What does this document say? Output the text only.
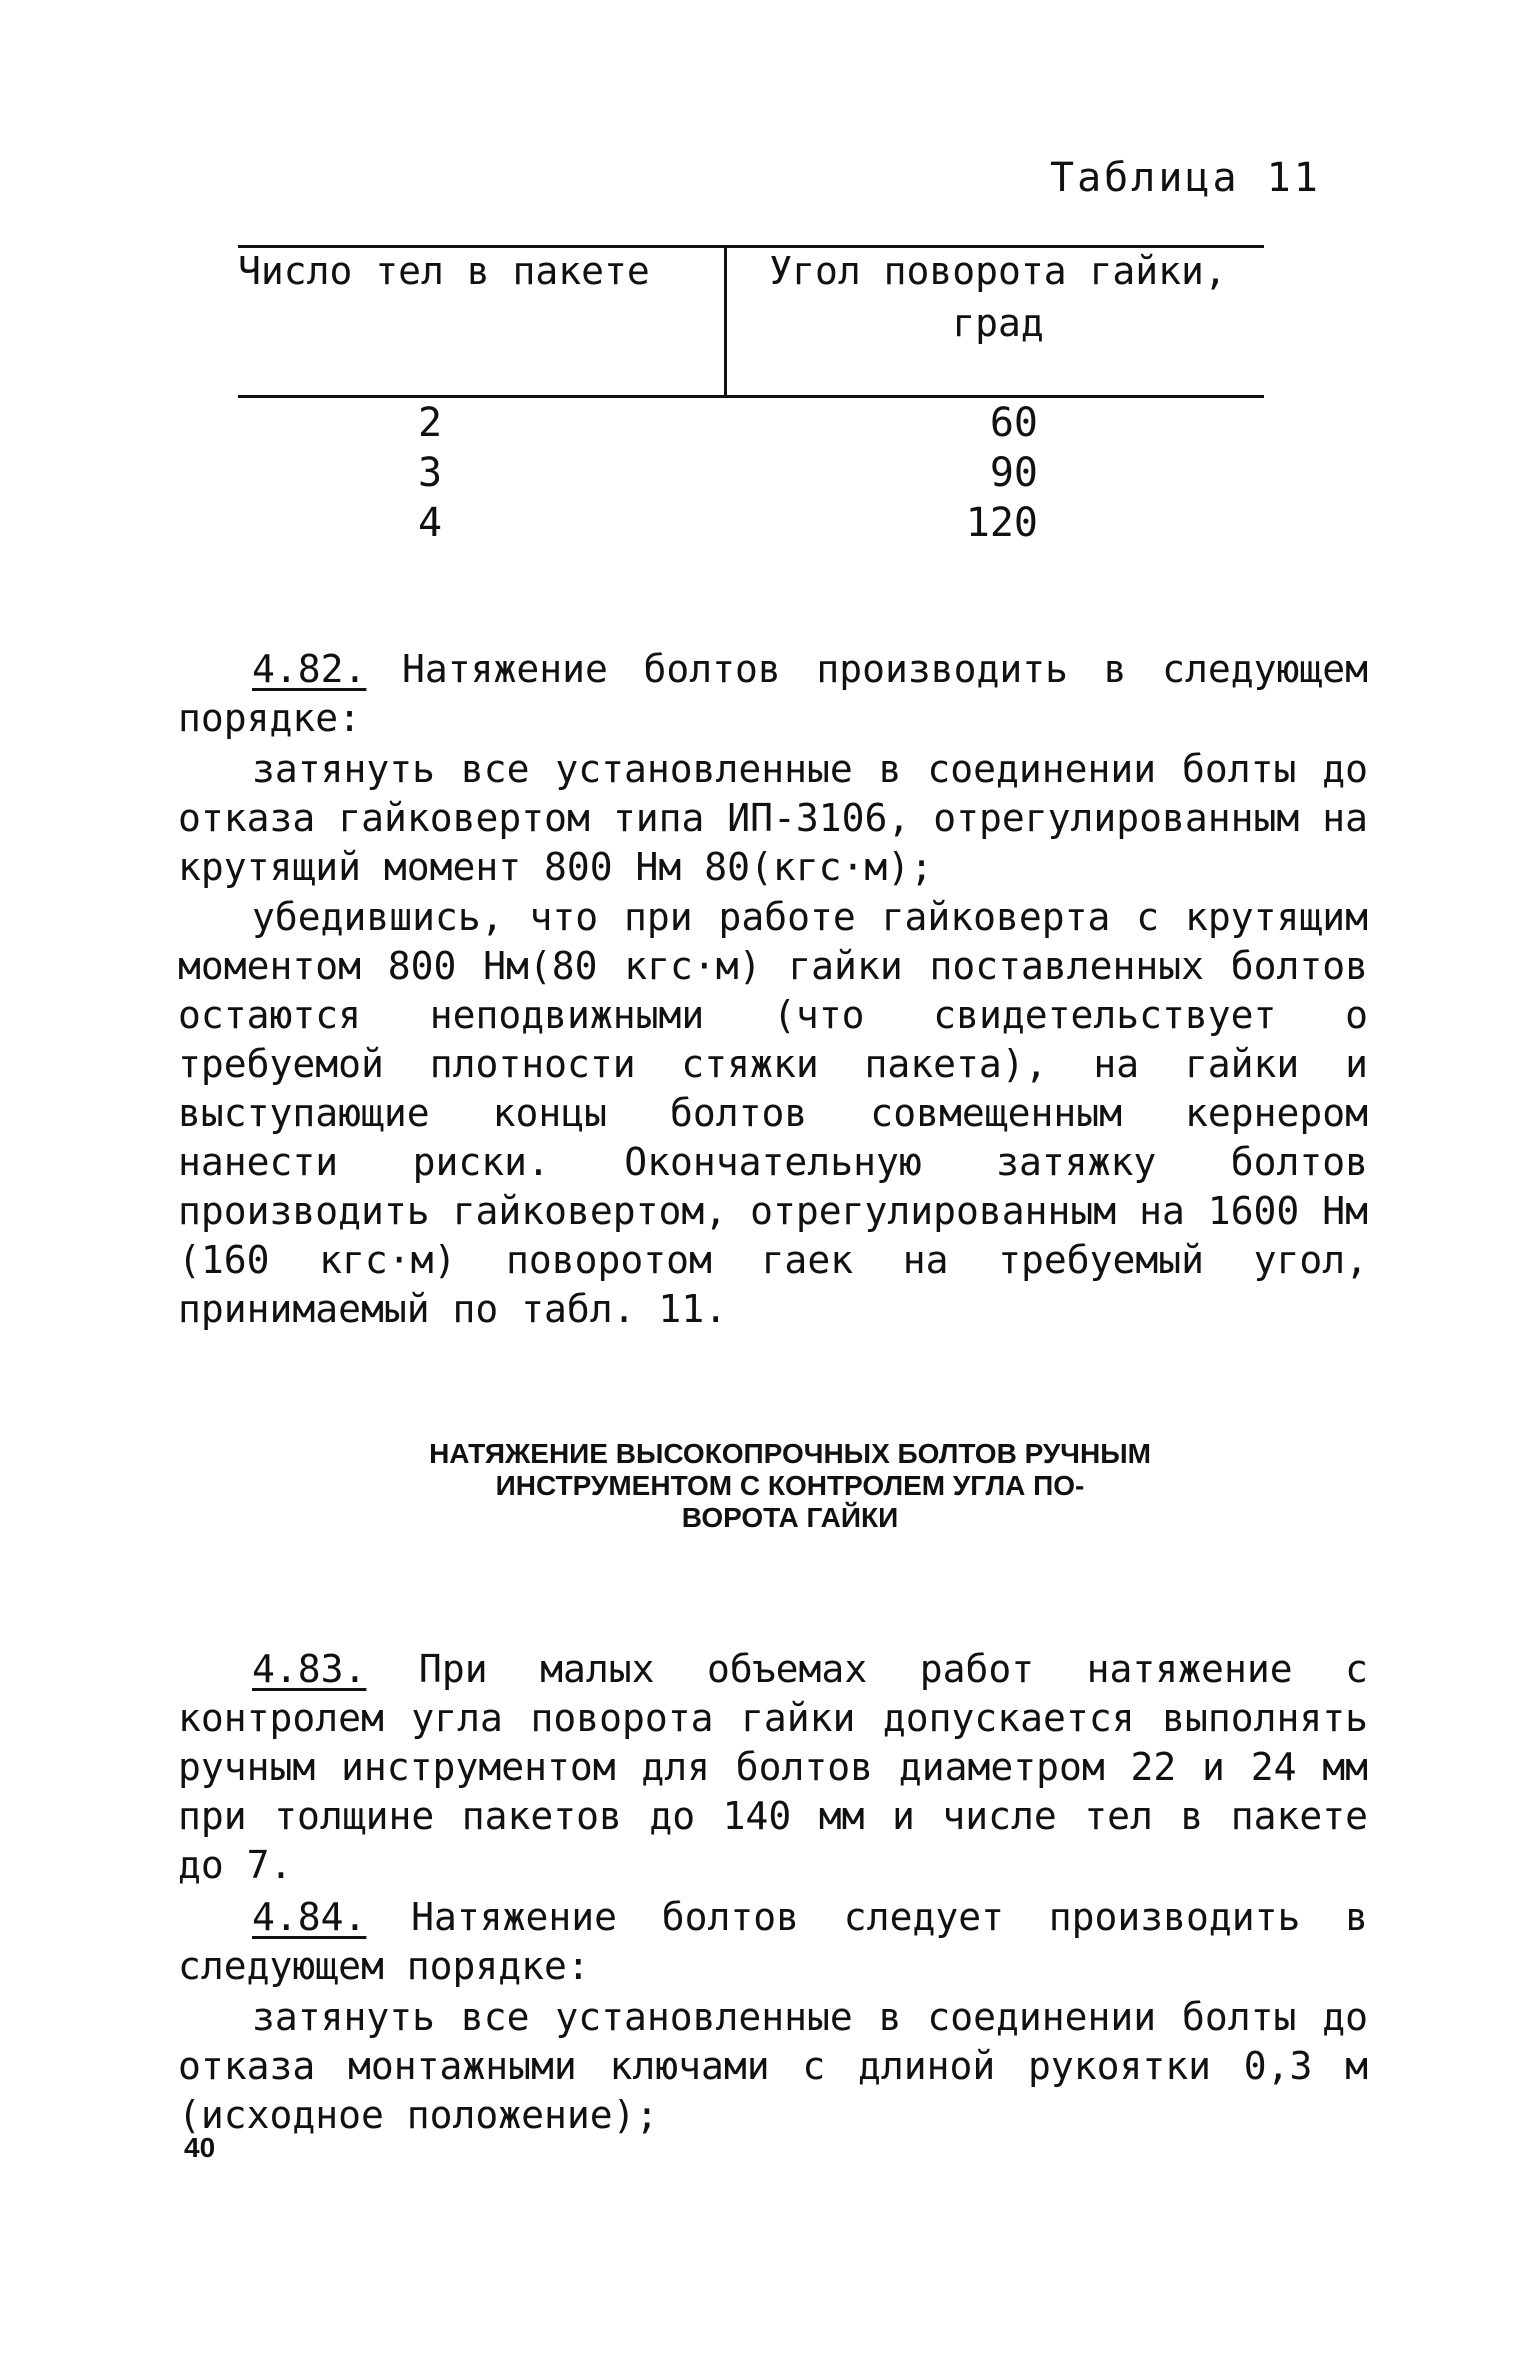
Таблица 11
Число тел в пакете	Угол поворота гайки,
град
2	60
3	90
4	120

4.82. Натяжение болтов производить в следующем порядке:

затянуть все установленные в соединении болты до отказа гайковертом типа ИП-3106, отрегулированным на крутящий момент 800 Нм 80(кгс·м);

убедившись, что при работе гайковерта с крутящим моментом 800 Нм(80 кгс·м) гайки поставленных болтов остаются неподвижными (что свидетельствует о требуемой плотности стяжки пакета), на гайки и выступающие концы болтов совмещенным кернером нанести риски. Окончательную затяжку болтов производить гайковертом, отрегулированным на 1600 Нм (160 кгс·м) поворотом гаек на требуемый угол, принимаемый по табл. 11.

НАТЯЖЕНИЕ ВЫСОКОПРОЧНЫХ БОЛТОВ РУЧНЫМ
ИНСТРУМЕНТОМ С КОНТРОЛЕМ УГЛА ПО-
ВОРОТА ГАЙКИ

4.83. При малых объемах работ натяжение с контролем угла поворота гайки допускается выполнять ручным инструментом для болтов диаметром 22 и 24 мм при толщине пакетов до 140 мм и числе тел в пакете до 7.

4.84. Натяжение болтов следует производить в следующем порядке:

затянуть все установленные в соединении болты до отказа монтажными ключами с длиной рукоятки 0,3 м (исходное положение);

40
